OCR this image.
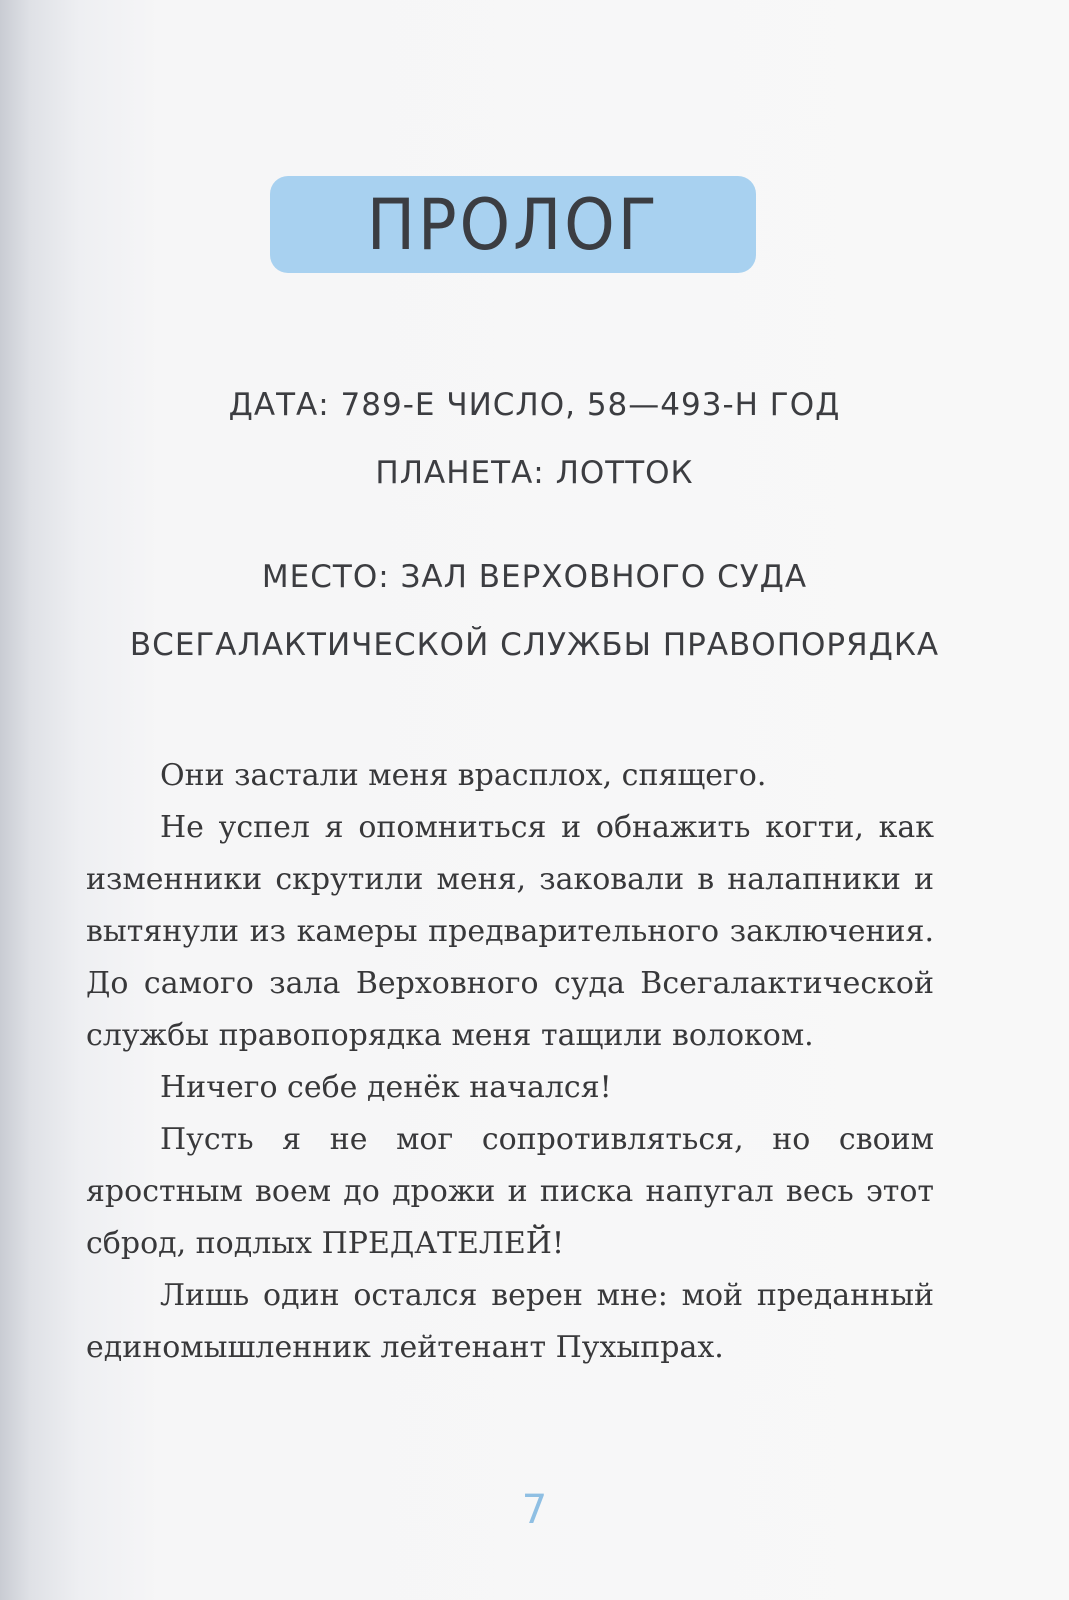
ПРОЛОГ
ДАТА: 789-Е ЧИСЛО, 58—493-Н ГОД
ПЛАНЕТА: ЛОТТОК
МЕСТО: ЗАЛ ВЕРХОВНОГО СУДА
ВСЕГАЛАКТИЧЕСКОЙ СЛУЖБЫ ПРАВОПОРЯДКА

Они застали меня врасплох, спящего.

Не успел я опомниться и обнажить когти, как изменники скрутили меня, заковали в налапники и вытянули из камеры предварительного заключения. До самого зала Верховного суда Всегалактической службы правопорядка меня тащили волоком.

Ничего себе денёк начался!

Пусть я не мог сопротивляться, но своим яростным воем до дрожи и писка напугал весь этот сброд, подлых ПРЕДАТЕЛЕЙ!

Лишь один остался верен мне: мой преданный единомышленник лейтенант Пухыпрах.

7
